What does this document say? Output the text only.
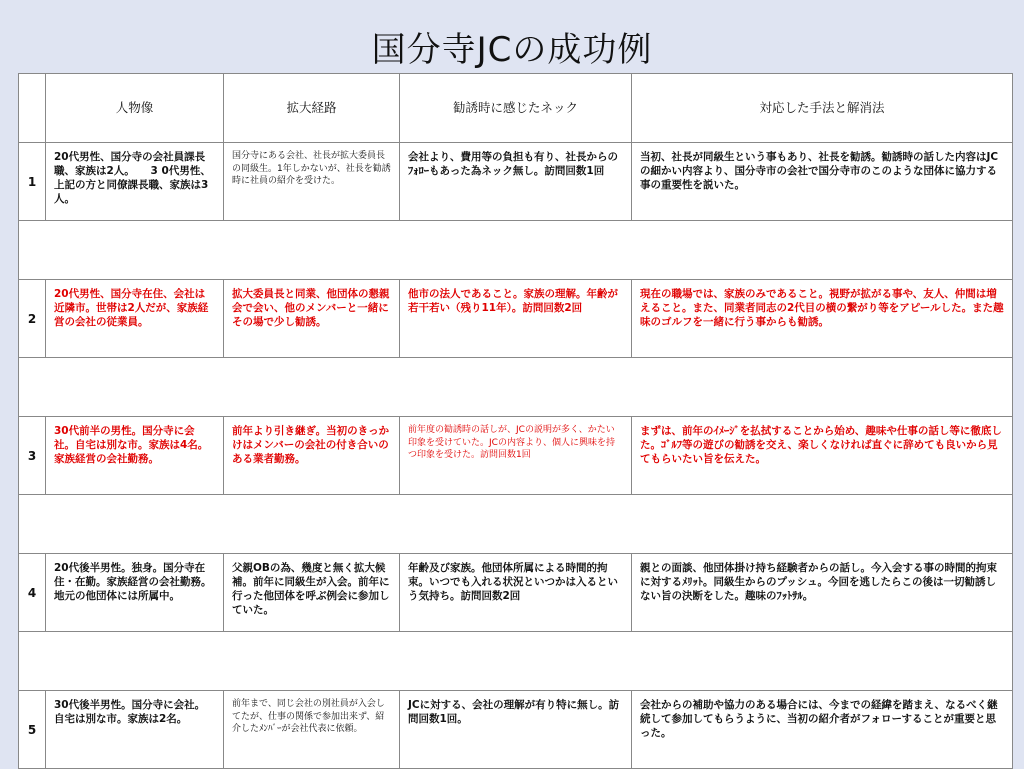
国分寺JCの成功例
	人物像	拡大経路	勧誘時に感じたネック	対応した手法と解消法
1	20代男性、国分寺の会社員課長職、家族は2人。　　3 0代男性、上記の方と同僚課長職、家族は3人。	国分寺にある会社、社長が拡大委員長の同級生。1年しかないが、社長を勧誘時に社員の紹介を受けた。	会社より、費用等の負担も有り、社長からのﾌｫﾛｰもあった為ネック無し。訪問回数1回	当初、社長が同級生という事もあり、社長を勧誘。勧誘時の話した内容はJCの細かい内容より、国分寺市の会社で国分寺市のこのような団体に協力する事の重要性を説いた。

2	20代男性、国分寺在住、会社は近隣市。世帯は2人だが、家族経営の会社の従業員。	拡大委員長と同業、他団体の懇親会で会い、他のメンバーと一緒にその場で少し勧誘。	他市の法人であること。家族の理解。年齢が若干若い（残り11年）。訪問回数2回	現在の職場では、家族のみであること。視野が拡がる事や、友人、仲間は増えること。また、同業者同志の2代目の横の繋がり等をアピールした。また趣味のゴルフを一緒に行う事からも勧誘。

3	30代前半の男性。国分寺に会社。自宅は別な市。家族は4名。家族経営の会社勤務。	前年より引き継ぎ。当初のきっかけはメンバーの会社の付き合いのある業者勤務。	前年度の勧誘時の話しが、JCの説明が多く、かたい印象を受けていた。JCの内容より、個人に興味を持つ印象を受けた。訪問回数1回	まずは、前年のｲﾒｰｼﾞを払拭することから始め、趣味や仕事の話し等に徹底した。ｺﾞﾙﾌ等の遊びの勧誘を交え、楽しくなければ直ぐに辞めても良いから見てもらいたい旨を伝えた。

4	20代後半男性。独身。国分寺在住・在勤。家族経営の会社勤務。地元の他団体には所属中。	父親OBの為、幾度と無く拡大候補。前年に同級生が入会。前年に行った他団体を呼ぶ例会に参加していた。	年齢及び家族。他団体所属による時間的拘束。いつでも入れる状況といつかは入るという気持ち。訪問回数2回	親との面談、他団体掛け持ち経験者からの話し。今入会する事の時間的拘束に対するﾒﾘｯﾄ。同級生からのプッシュ。今回を逃したらこの後は一切勧誘しない旨の決断をした。趣味のﾌｯﾄｻﾙ。

5	30代後半男性。国分寺に会社。自宅は別な市。家族は2名。	前年まで、同じ会社の別社員が入会してたが、仕事の関係で参加出来ず、紹介したﾒﾝﾊﾞｰが会社代表に依頼。	JCに対する、会社の理解が有り特に無し。訪問回数1回。	会社からの補助や協力のある場合には、今までの経緯を踏まえ、なるべく継続して参加してもらうように、当初の紹介者がフォローすることが重要と思った。
